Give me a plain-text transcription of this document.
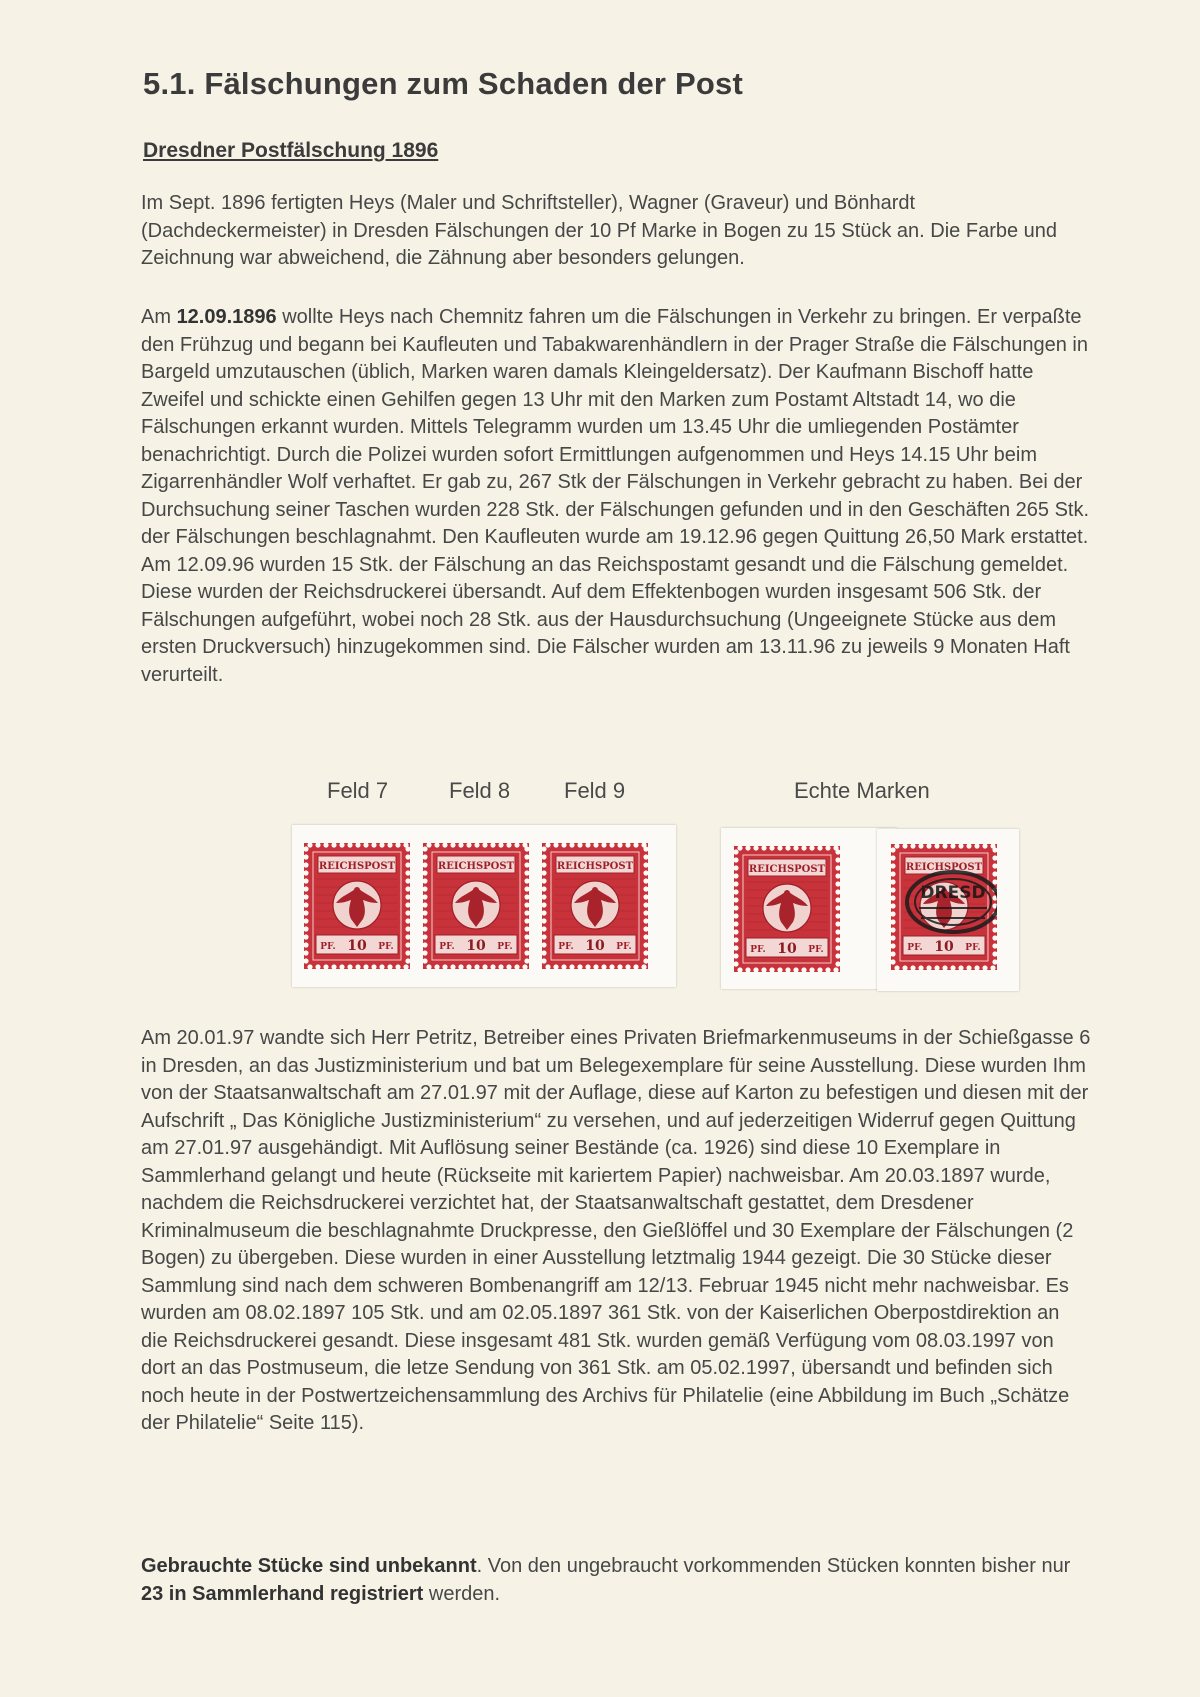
5.1. Fälschungen zum Schaden der Post
Dresdner Postfälschung 1896

Im Sept. 1896 fertigten Heys (Maler und Schriftsteller), Wagner (Graveur) und Bönhardt (Dachdeckermeister) in Dresden Fälschungen der 10 Pf Marke in Bogen zu 15 Stück an. Die Farbe und Zeichnung war abweichend, die Zähnung aber besonders gelungen.

Am 12.09.1896 wollte Heys nach Chemnitz fahren um die Fälschungen in Verkehr zu bringen. Er verpaßte den Frühzug und begann bei Kaufleuten und Tabakwarenhändlern in der Prager Straße die Fälschungen in Bargeld umzutauschen (üblich, Marken waren damals Kleingeldersatz). Der Kaufmann Bischoff hatte Zweifel und schickte einen Gehilfen gegen 13 Uhr mit den Marken zum Postamt Altstadt 14, wo die Fälschungen erkannt wurden. Mittels Telegramm wurden um 13.45 Uhr die umliegenden Postämter benachrichtigt. Durch die Polizei wurden sofort Ermittlungen aufgenommen und Heys 14.15 Uhr beim Zigarrenhändler Wolf verhaftet. Er gab zu, 267 Stk der Fälschungen in Verkehr gebracht zu haben. Bei der Durchsuchung seiner Taschen wurden 228 Stk. der Fälschungen gefunden und in den Geschäften 265 Stk. der Fälschungen beschlagnahmt. Den Kaufleuten wurde am 19.12.96 gegen Quittung 26,50 Mark erstattet. Am 12.09.96 wurden 15 Stk. der Fälschung an das Reichspostamt gesandt und die Fälschung gemeldet. Diese wurden der Reichsdruckerei übersandt. Auf dem Effektenbogen wurden insgesamt 506 Stk. der Fälschungen aufgeführt, wobei noch 28 Stk. aus der Hausdurchsuchung (Ungeeignete Stücke aus dem ersten Druckversuch) hinzugekommen sind. Die Fälscher wurden am 13.11.96 zu jeweils 9 Monaten Haft verurteilt.

Feld 7	Feld 8 Feld 9	Echte Marken
REICHSPOST
PF. 10 PF.
REICHSPOST
PF. 10 PF.
REICHSPOST
PF. 10 PF.
REICHSPOST
PF. 10 PF.
REICHSPOST
PF. 10 PF.
DRESD

Am 20.01.97 wandte sich Herr Petritz, Betreiber eines Privaten Briefmarkenmuseums in der Schießgasse 6 in Dresden, an das Justizministerium und bat um Belegexemplare für seine Ausstellung. Diese wurden Ihm von der Staatsanwaltschaft am 27.01.97 mit der Auflage, diese auf Karton zu befestigen und diesen mit der Aufschrift „ Das Königliche Justizministerium“ zu versehen, und auf jederzeitigen Widerruf gegen Quittung am 27.01.97 ausgehändigt. Mit Auflösung seiner Bestände (ca. 1926) sind diese 10 Exemplare in Sammlerhand gelangt und heute (Rückseite mit kariertem Papier) nachweisbar. Am 20.03.1897 wurde, nachdem die Reichsdruckerei verzichtet hat, der Staatsanwaltschaft gestattet, dem Dresdener Kriminalmuseum die beschlagnahmte Druckpresse, den Gießlöffel und 30 Exemplare der Fälschungen (2 Bogen) zu übergeben. Diese wurden in einer Ausstellung letztmalig 1944 gezeigt. Die 30 Stücke dieser Sammlung sind nach dem schweren Bombenangriff am 12/13. Februar 1945 nicht mehr nachweisbar. Es wurden am 08.02.1897 105 Stk. und am 02.05.1897 361 Stk. von der Kaiserlichen Oberpostdirektion an die Reichsdruckerei gesandt. Diese insgesamt 481 Stk. wurden gemäß Verfügung vom 08.03.1997 von dort an das Postmuseum, die letze Sendung von 361 Stk. am 05.02.1997, übersandt und befinden sich noch heute in der Postwertzeichensammlung des Archivs für Philatelie (eine Abbildung im Buch „Schätze der Philatelie“ Seite 115).

Gebrauchte Stücke sind unbekannt. Von den ungebraucht vorkommenden Stücken konnten bisher nur 23 in Sammlerhand registriert werden.
